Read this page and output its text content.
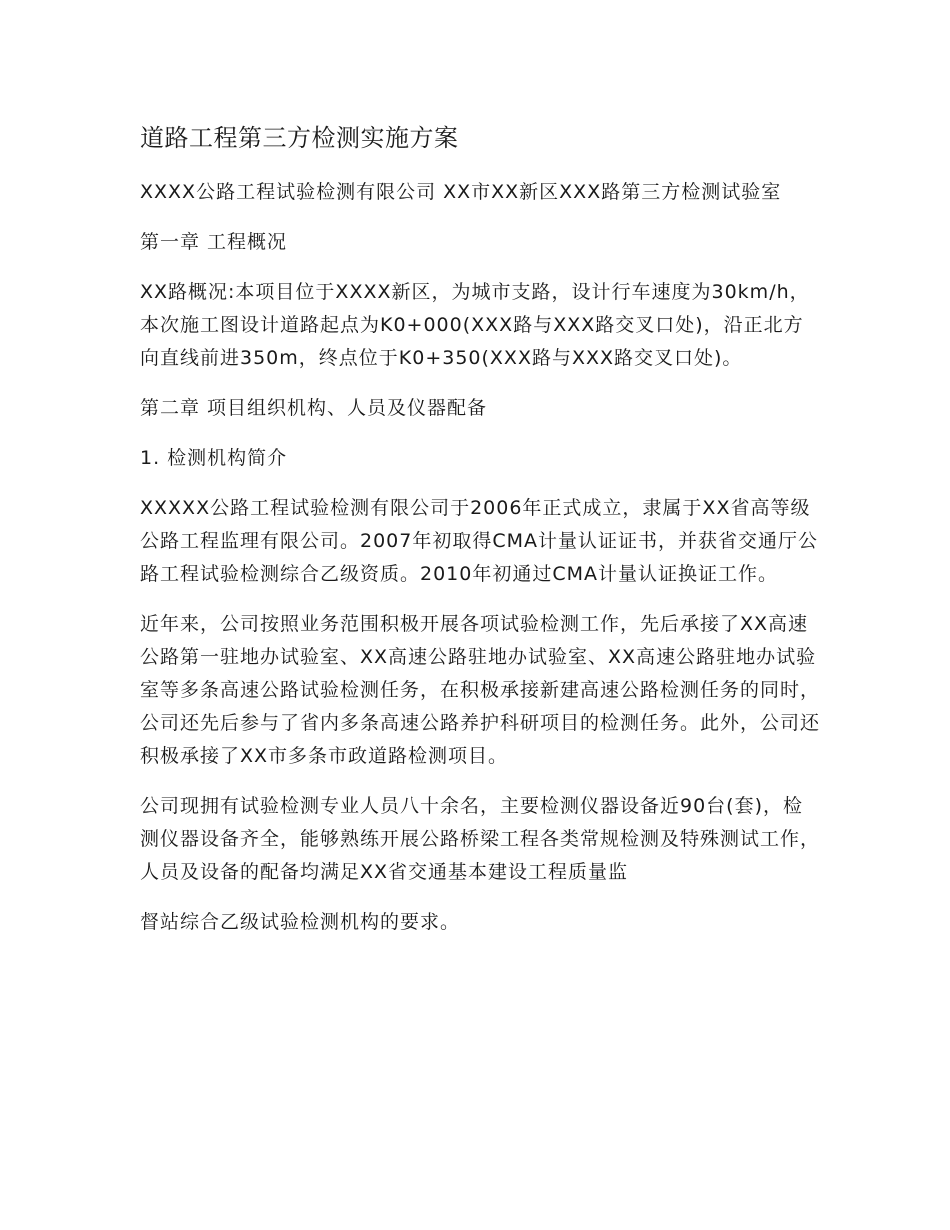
道路工程第三方检测实施方案

XXXX公路工程试验检测有限公司 XX市XX新区XXX路第三方检测试验室

第一章 工程概况

XX路概况:本项目位于XXXX新区，为城市支路，设计行车速度为30km/h，本次施工图设计道路起点为K0+000(XXX路与XXX路交叉口处)，沿正北方向直线前进350m，终点位于K0+350(XXX路与XXX路交叉口处)。

第二章 项目组织机构、人员及仪器配备

1. 检测机构简介

XXXXX公路工程试验检测有限公司于2006年正式成立，隶属于XX省高等级公路工程监理有限公司。2007年初取得CMA计量认证证书，并获省交通厅公路工程试验检测综合乙级资质。2010年初通过CMA计量认证换证工作。

近年来，公司按照业务范围积极开展各项试验检测工作，先后承接了XX高速公路第一驻地办试验室、XX高速公路驻地办试验室、XX高速公路驻地办试验室等多条高速公路试验检测任务，在积极承接新建高速公路检测任务的同时，公司还先后参与了省内多条高速公路养护科研项目的检测任务。此外，公司还积极承接了XX市多条市政道路检测项目。

公司现拥有试验检测专业人员八十余名，主要检测仪器设备近90台(套)，检测仪器设备齐全，能够熟练开展公路桥梁工程各类常规检测及特殊测试工作，人员及设备的配备均满足XX省交通基本建设工程质量监

督站综合乙级试验检测机构的要求。
